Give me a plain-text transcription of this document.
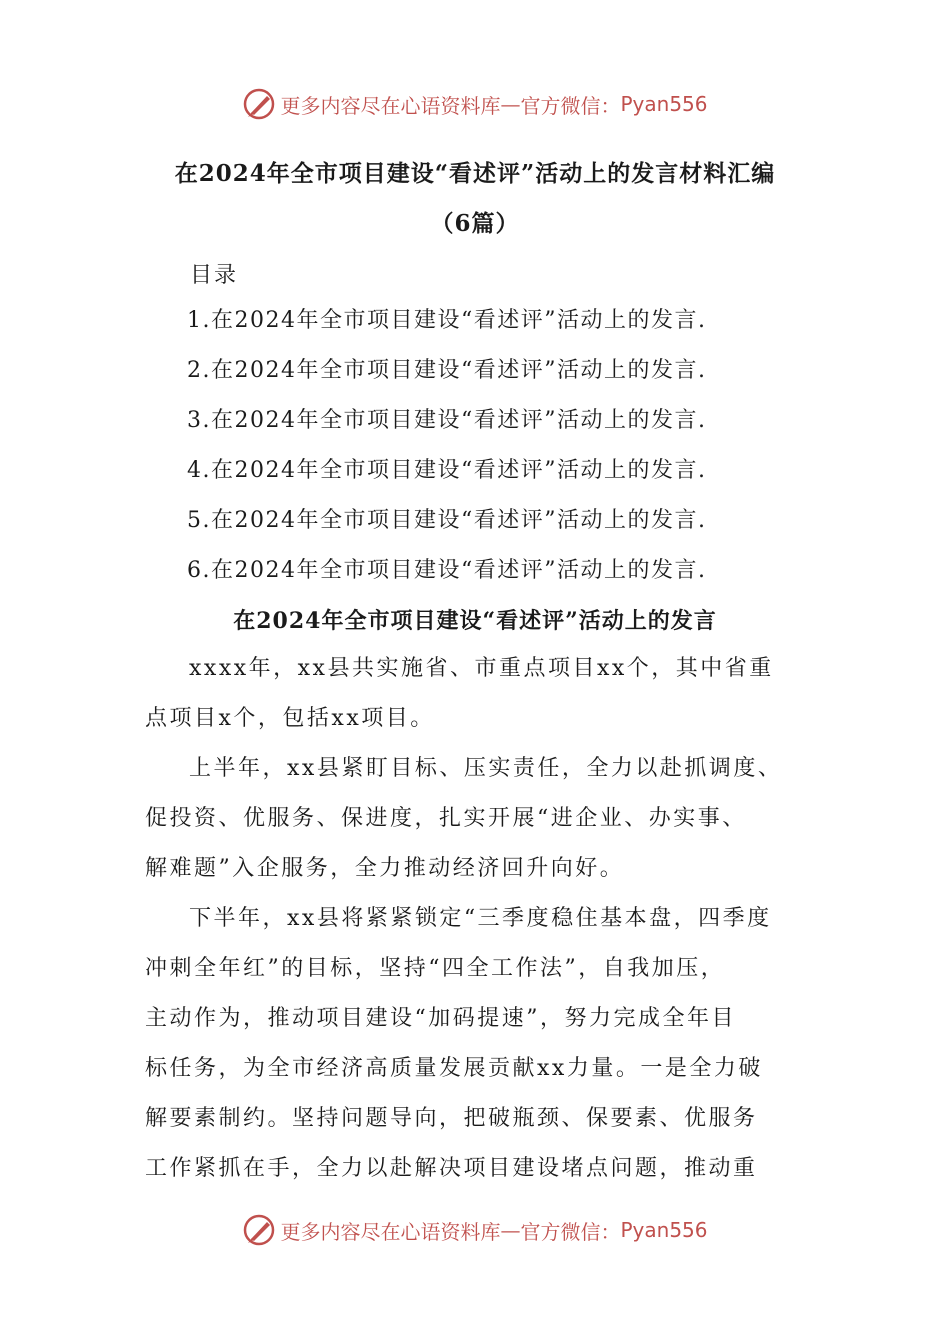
更多内容尽在心语资料库 — 官方微信： Pyan556
在2024年全市项目建设“看述评”活动上的发言材料汇编
（6篇）
目录
1.在2024年全市项目建设“看述评”活动上的发言.
2.在2024年全市项目建设“看述评”活动上的发言.
3.在2024年全市项目建设“看述评”活动上的发言.
4.在2024年全市项目建设“看述评”活动上的发言.
5.在2024年全市项目建设“看述评”活动上的发言.
6.在2024年全市项目建设“看述评”活动上的发言.
在2024年全市项目建设“看述评”活动上的发言
xxxx年，xx县共实施省、市重点项目xx个，其中省重
点项目x个，包括xx项目。
上半年，xx县紧盯目标、压实责任，全力以赴抓调度、
促投资、优服务、保进度，扎实开展“进企业、办实事、
解难题”入企服务，全力推动经济回升向好。
下半年，xx县将紧紧锁定“三季度稳住基本盘，四季度
冲刺全年红”的目标，坚持“四全工作法”，自我加压，
主动作为，推动项目建设“加码提速”，努力完成全年目
标任务，为全市经济高质量发展贡献xx力量。一是全力破
解要素制约。坚持问题导向，把破瓶颈、保要素、优服务
工作紧抓在手，全力以赴解决项目建设堵点问题，推动重
更多内容尽在心语资料库 — 官方微信： Pyan556
